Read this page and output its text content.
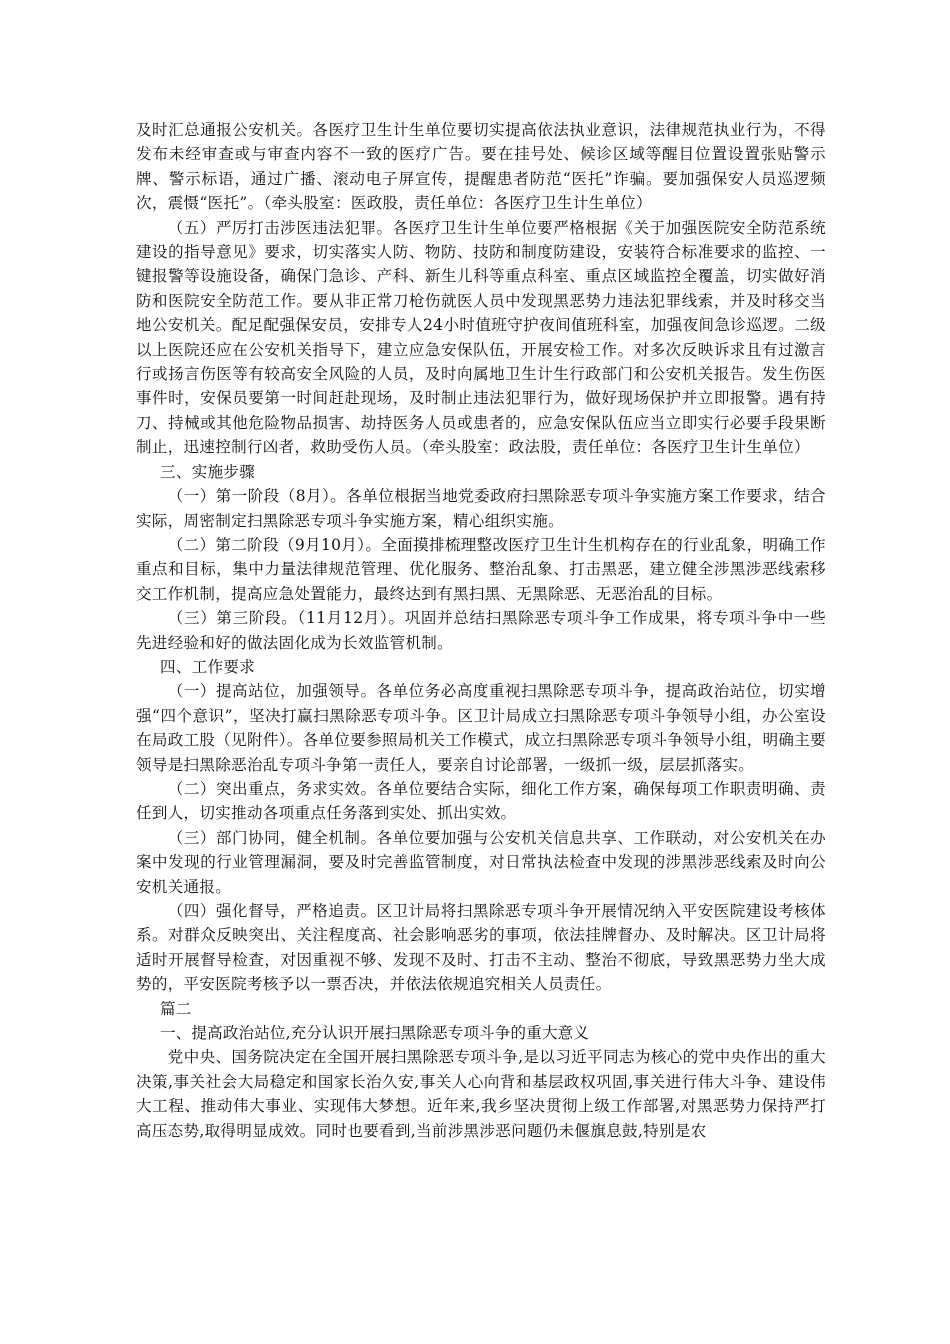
及时汇总通报公安机关。各医疗卫生计生单位要切实提高依法执业意识，法律规范执业行为，不得发布未经审查或与审查内容不一致的医疗广告。要在挂号处、候诊区域等醒目位置设置张贴警示牌、警示标语，通过广播、滚动电子屏宣传，提醒患者防范“医托”诈骗。要加强保安人员巡逻频次，震慑“医托”。（牵头股室：医政股，责任单位：各医疗卫生计生单位）

（五）严厉打击涉医违法犯罪。各医疗卫生计生单位要严格根据《关于加强医院安全防范系统建设的指导意见》要求，切实落实人防、物防、技防和制度防建设，安装符合标准要求的监控、一键报警等设施设备，确保门急诊、产科、新生儿科等重点科室、重点区域监控全覆盖，切实做好消防和医院安全防范工作。要从非正常刀枪伤就医人员中发现黑恶势力违法犯罪线索，并及时移交当地公安机关。配足配强保安员，安排专人24小时值班守护夜间值班科室，加强夜间急诊巡逻。二级以上医院还应在公安机关指导下，建立应急安保队伍，开展安检工作。对多次反映诉求且有过激言行或扬言伤医等有较高安全风险的人员，及时向属地卫生计生行政部门和公安机关报告。发生伤医事件时，安保员要第一时间赶赴现场，及时制止违法犯罪行为，做好现场保护并立即报警。遇有持刀、持械或其他危险物品损害、劫持医务人员或患者的，应急安保队伍应当立即实行必要手段果断制止，迅速控制行凶者，救助受伤人员。（牵头股室：政法股，责任单位：各医疗卫生计生单位）

三、实施步骤

（一）第一阶段（8月）。各单位根据当地党委政府扫黑除恶专项斗争实施方案工作要求，结合实际，周密制定扫黑除恶专项斗争实施方案，精心组织实施。

（二）第二阶段（9月10月）。全面摸排梳理整改医疗卫生计生机构存在的行业乱象，明确工作重点和目标，集中力量法律规范管理、优化服务、整治乱象、打击黑恶，建立健全涉黑涉恶线索移交工作机制，提高应急处置能力，最终达到有黑扫黑、无黑除恶、无恶治乱的目标。

（三）第三阶段。（11月12月）。巩固并总结扫黑除恶专项斗争工作成果，将专项斗争中一些先进经验和好的做法固化成为长效监管机制。

四、工作要求

（一）提高站位，加强领导。各单位务必高度重视扫黑除恶专项斗争，提高政治站位，切实增强“四个意识”，坚决打赢扫黑除恶专项斗争。区卫计局成立扫黑除恶专项斗争领导小组，办公室设在局政工股（见附件）。各单位要参照局机关工作模式，成立扫黑除恶专项斗争领导小组，明确主要领导是扫黑除恶治乱专项斗争第一责任人，要亲自讨论部署，一级抓一级，层层抓落实。

（二）突出重点，务求实效。各单位要结合实际，细化工作方案，确保每项工作职责明确、责任到人，切实推动各项重点任务落到实处、抓出实效。

（三）部门协同，健全机制。各单位要加强与公安机关信息共享、工作联动，对公安机关在办案中发现的行业管理漏洞，要及时完善监管制度，对日常执法检查中发现的涉黑涉恶线索及时向公安机关通报。

（四）强化督导，严格追责。区卫计局将扫黑除恶专项斗争开展情况纳入平安医院建设考核体系。对群众反映突出、关注程度高、社会影响恶劣的事项，依法挂牌督办、及时解决。区卫计局将适时开展督导检查，对因重视不够、发现不及时、打击不主动、整治不彻底，导致黑恶势力坐大成势的，平安医院考核予以一票否决，并依法依规追究相关人员责任。

篇二

一、提高政治站位,充分认识开展扫黑除恶专项斗争的重大意义

党中央、国务院决定在全国开展扫黑除恶专项斗争,是以习近平同志为核心的党中央作出的重大决策,事关社会大局稳定和国家长治久安,事关人心向背和基层政权巩固,事关进行伟大斗争、建设伟大工程、推动伟大事业、实现伟大梦想。近年来,我乡坚决贯彻上级工作部署,对黑恶势力保持严打高压态势,取得明显成效。同时也要看到,当前涉黑涉恶问题仍未偃旗息鼓,特别是农
